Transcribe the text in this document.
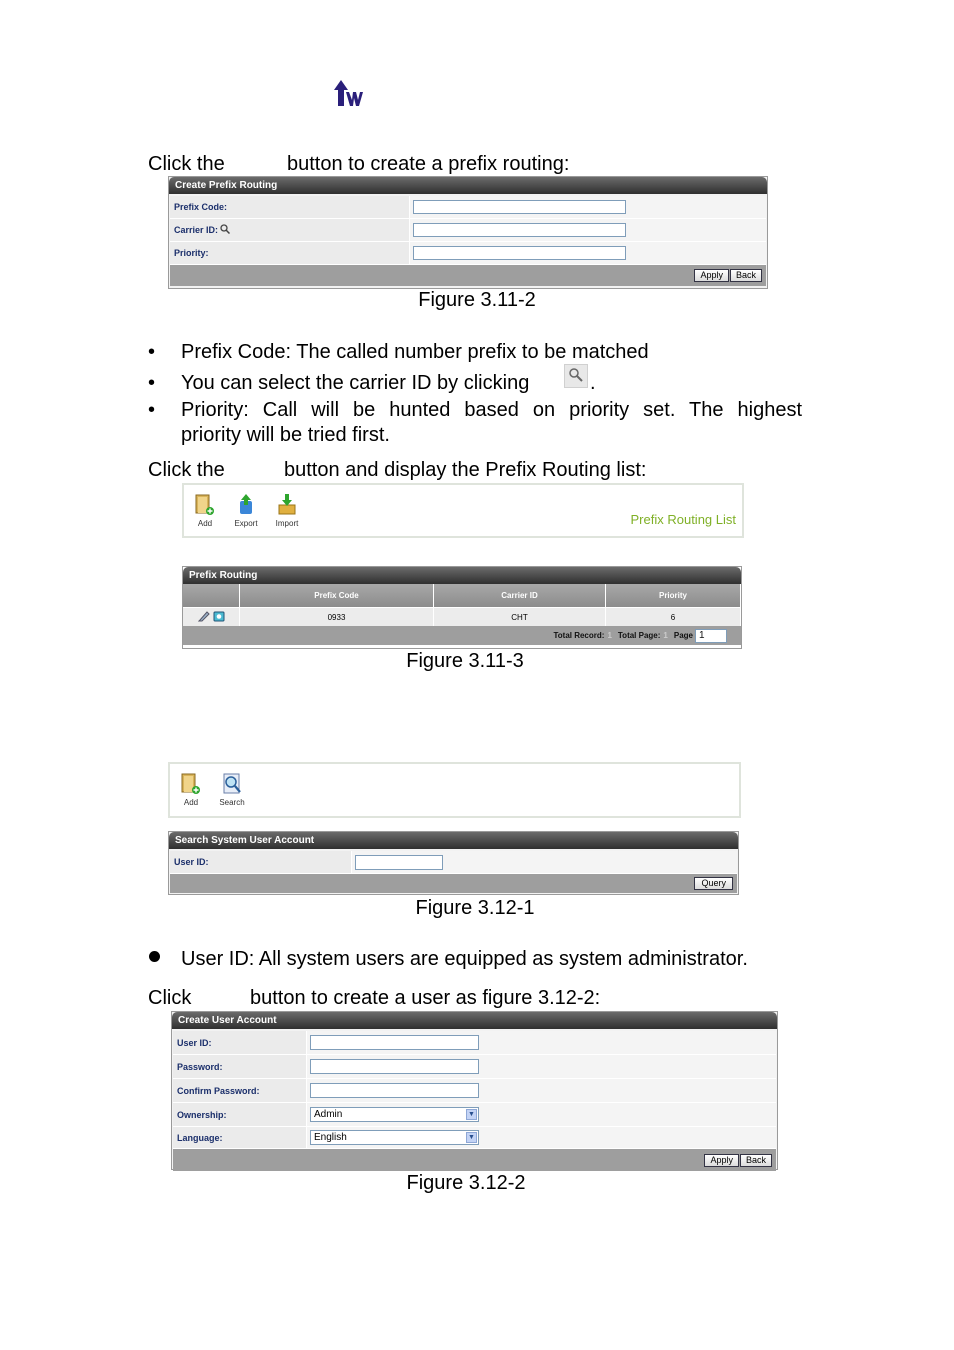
Click the	button to create a prefix routing:
Create Prefix Routing
Prefix Code:
Carrier ID:
Priority:
Apply	Back
Figure 3.11-2
• Prefix Code: The called number prefix to be matched
• You can select the carrier ID by clicking	.
• Priority: Call will be hunted based on priority set. The highest
priority will be tried first.
Click the	button and display the Prefix Routing list:
Add	Export	Import	Prefix Routing List
Prefix Routing
Prefix Code	Carrier ID	Priority
0933	CHT	6
Total Record: 1 Total Page: 1 Page 1
Figure 3.11-3
Add	Search
Search System User Account
User ID:
Query
Figure 3.12-1
User ID: All system users are equipped as system administrator.
Click	button to create a user as figure 3.12-2:
Create User Account
User ID:
Password:
Confirm Password:
Ownership:	Admin	▼
Language:	English	▼
Apply	Back
Figure 3.12-2
